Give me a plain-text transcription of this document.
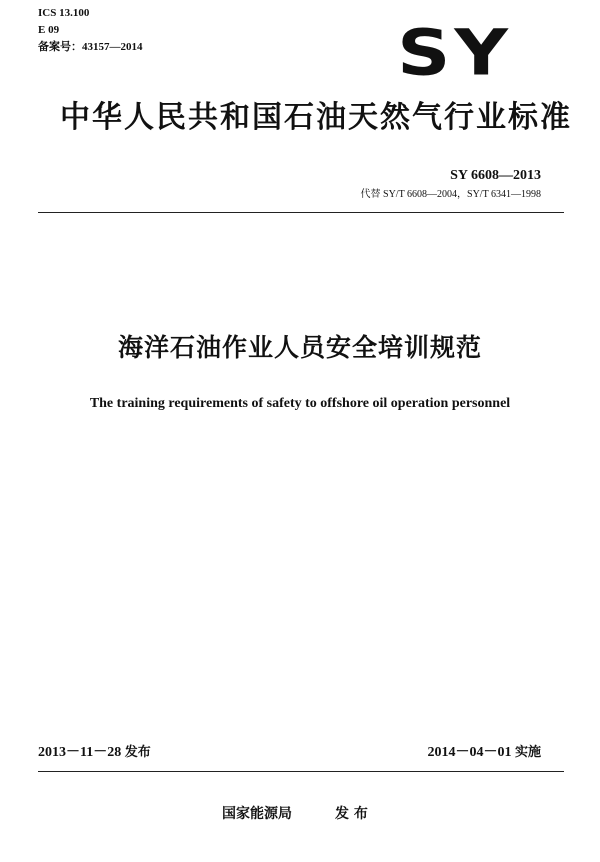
ICS 13.100
E 09
备案号：43157—2014	SY
中华人民共和国石油天然气行业标准
SY 6608—2013
代替 SY/T 6608—2004，SY/T 6341—1998
海洋石油作业人员安全培训规范
The training requirements of safety to offshore oil operation personnel
2013－11－28 发布	2014－04－01 实施
国家能源局	发 布
